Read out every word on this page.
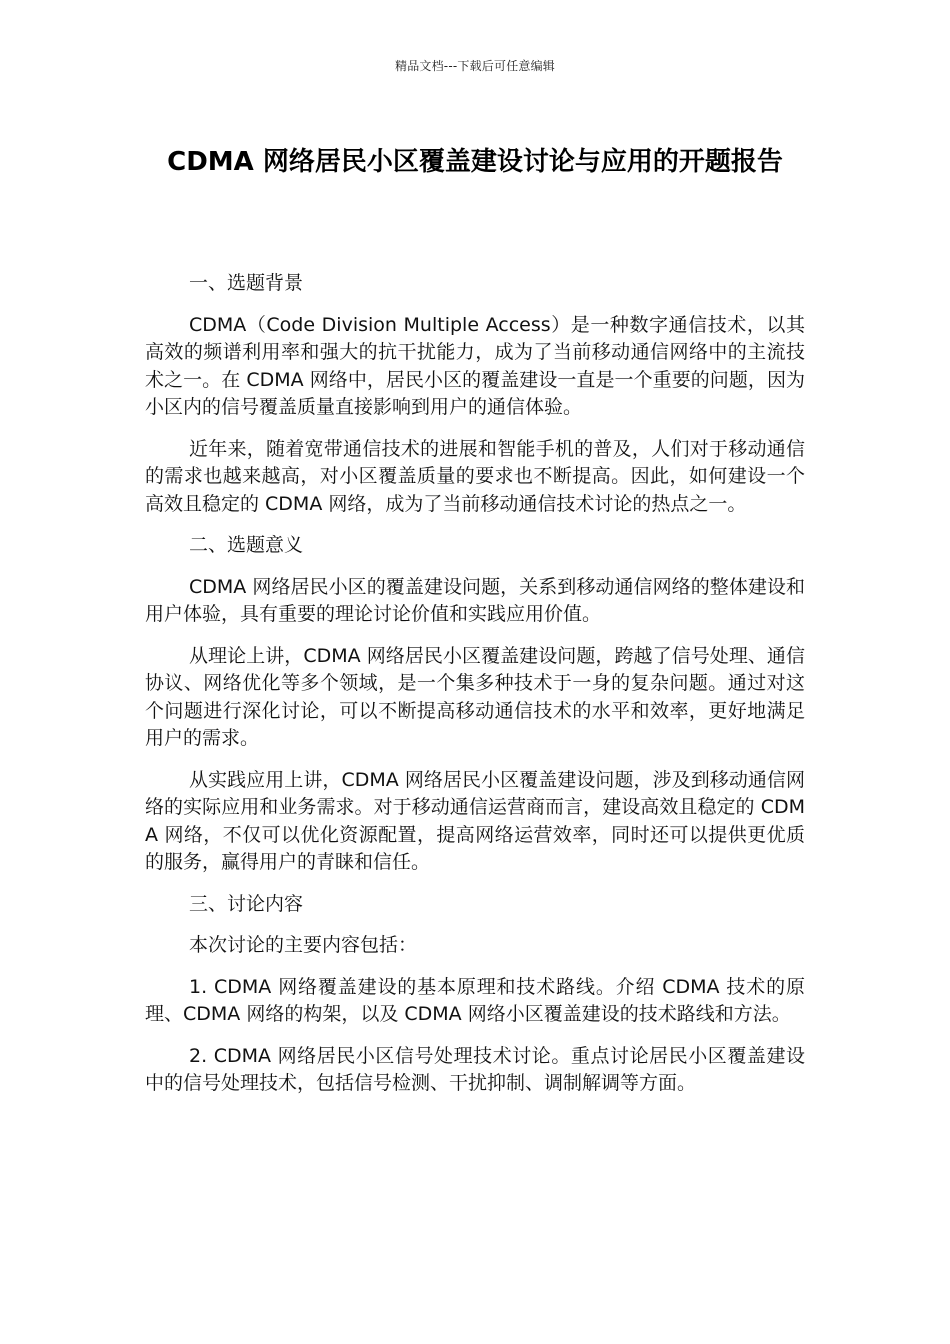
精品文档---下载后可任意编辑
CDMA 网络居民小区覆盖建设讨论与应用的开题报告

一、选题背景

CDMA（Code Division Multiple Access）是一种数字通信技术，以其高效的频谱利用率和强大的抗干扰能力，成为了当前移动通信网络中的主流技术之一。在 CDMA 网络中，居民小区的覆盖建设一直是一个重要的问题，因为小区内的信号覆盖质量直接影响到用户的通信体验。

近年来，随着宽带通信技术的进展和智能手机的普及，人们对于移动通信的需求也越来越高，对小区覆盖质量的要求也不断提高。因此，如何建设一个高效且稳定的 CDMA 网络，成为了当前移动通信技术讨论的热点之一。

二、选题意义

CDMA 网络居民小区的覆盖建设问题，关系到移动通信网络的整体建设和用户体验，具有重要的理论讨论价值和实践应用价值。

从理论上讲，CDMA 网络居民小区覆盖建设问题，跨越了信号处理、通信协议、网络优化等多个领域，是一个集多种技术于一身的复杂问题。通过对这个问题进行深化讨论，可以不断提高移动通信技术的水平和效率，更好地满足用户的需求。

从实践应用上讲，CDMA 网络居民小区覆盖建设问题，涉及到移动通信网络的实际应用和业务需求。对于移动通信运营商而言，建设高效且稳定的 CDMA 网络，不仅可以优化资源配置，提高网络运营效率，同时还可以提供更优质的服务，赢得用户的青睐和信任。

三、讨论内容

本次讨论的主要内容包括：

1. CDMA 网络覆盖建设的基本原理和技术路线。介绍 CDMA 技术的原理、CDMA 网络的构架，以及 CDMA 网络小区覆盖建设的技术路线和方法。

2. CDMA 网络居民小区信号处理技术讨论。重点讨论居民小区覆盖建设中的信号处理技术，包括信号检测、干扰抑制、调制解调等方面。
